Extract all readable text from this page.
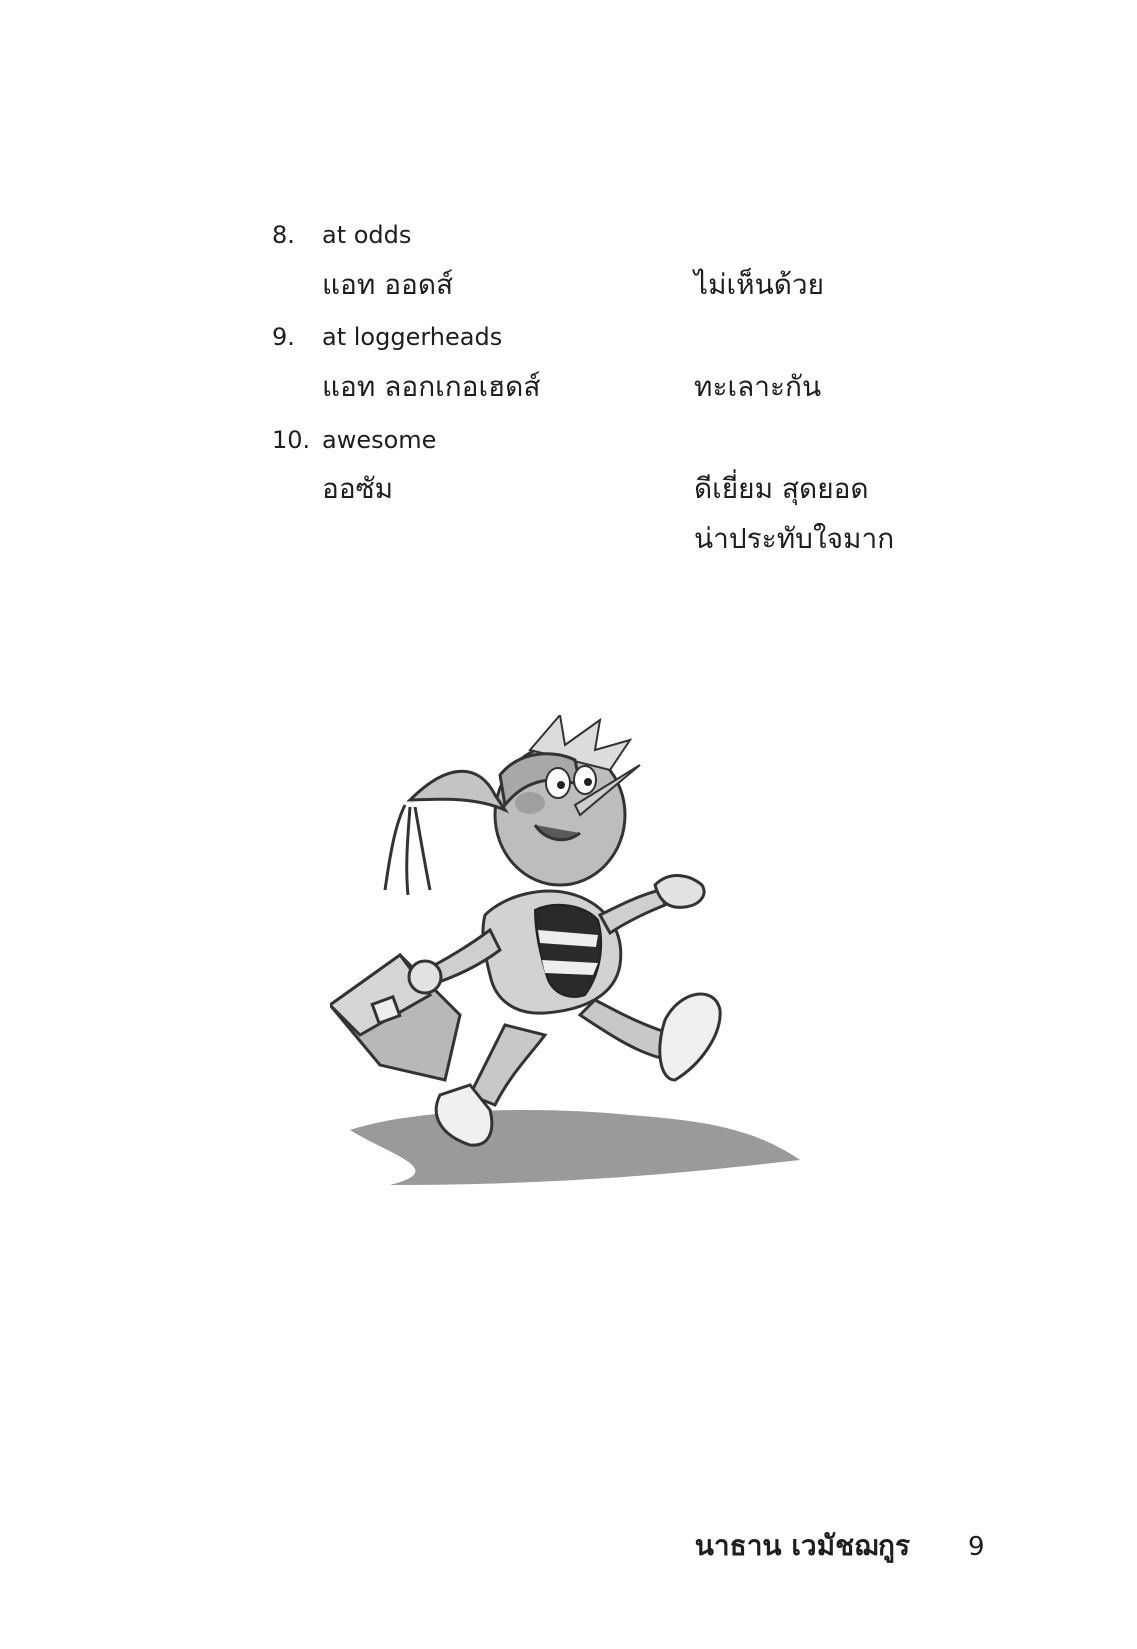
8. at odds
แอท ออดส์	ไม่เห็นด้วย
9. at loggerheads
แอท ลอกเกอเฮดส์	ทะเลาะกัน
10. awesome
ออซัม	ดีเยี่ยม สุดยอด
น่าประทับใจมาก
นาธาน เวมัชฌกูร 9
